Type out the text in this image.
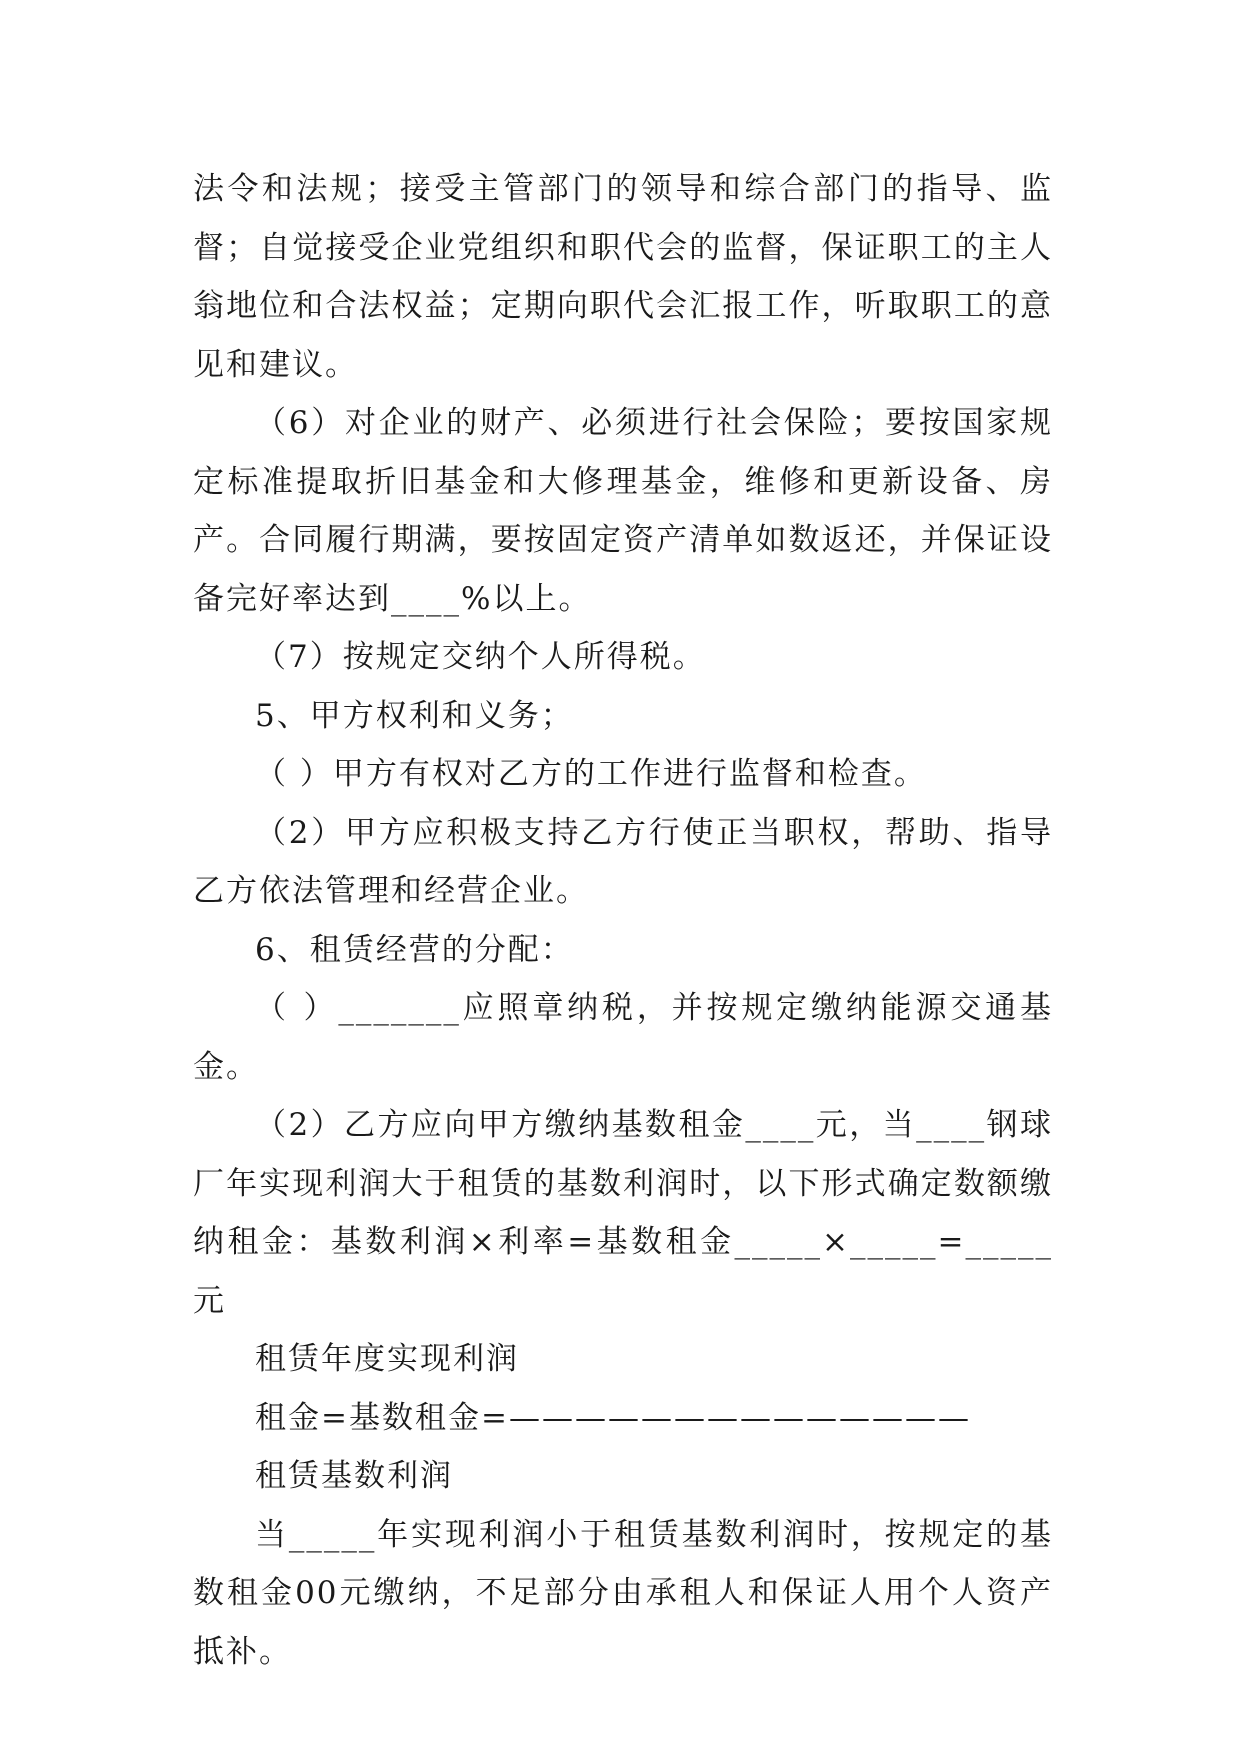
法令和法规；接受主管部门的领导和综合部门的指导、监督；自觉接受企业党组织和职代会的监督，保证职工的主人翁地位和合法权益；定期向职代会汇报工作，听取职工的意见和建议。

（6）对企业的财产、必须进行社会保险；要按国家规定标准提取折旧基金和大修理基金，维修和更新设备、房产。合同履行期满，要按固定资产清单如数返还，并保证设备完好率达到____%以上。

（7）按规定交纳个人所得税。

5、甲方权利和义务；

（ ）甲方有权对乙方的工作进行监督和检查。

（2）甲方应积极支持乙方行使正当职权，帮助、指导乙方依法管理和经营企业。

6、租赁经营的分配：

（ ）_______应照章纳税，并按规定缴纳能源交通基金。

（2）乙方应向甲方缴纳基数租金____元，当____钢球厂年实现利润大于租赁的基数利润时，以下形式确定数额缴纳租金：基数利润×利率=基数租金_____×_____=_____元

租赁年度实现利润

租金=基数租金=——————————————

租赁基数利润

当_____年实现利润小于租赁基数利润时，按规定的基数租金00元缴纳，不足部分由承租人和保证人用个人资产抵补。
